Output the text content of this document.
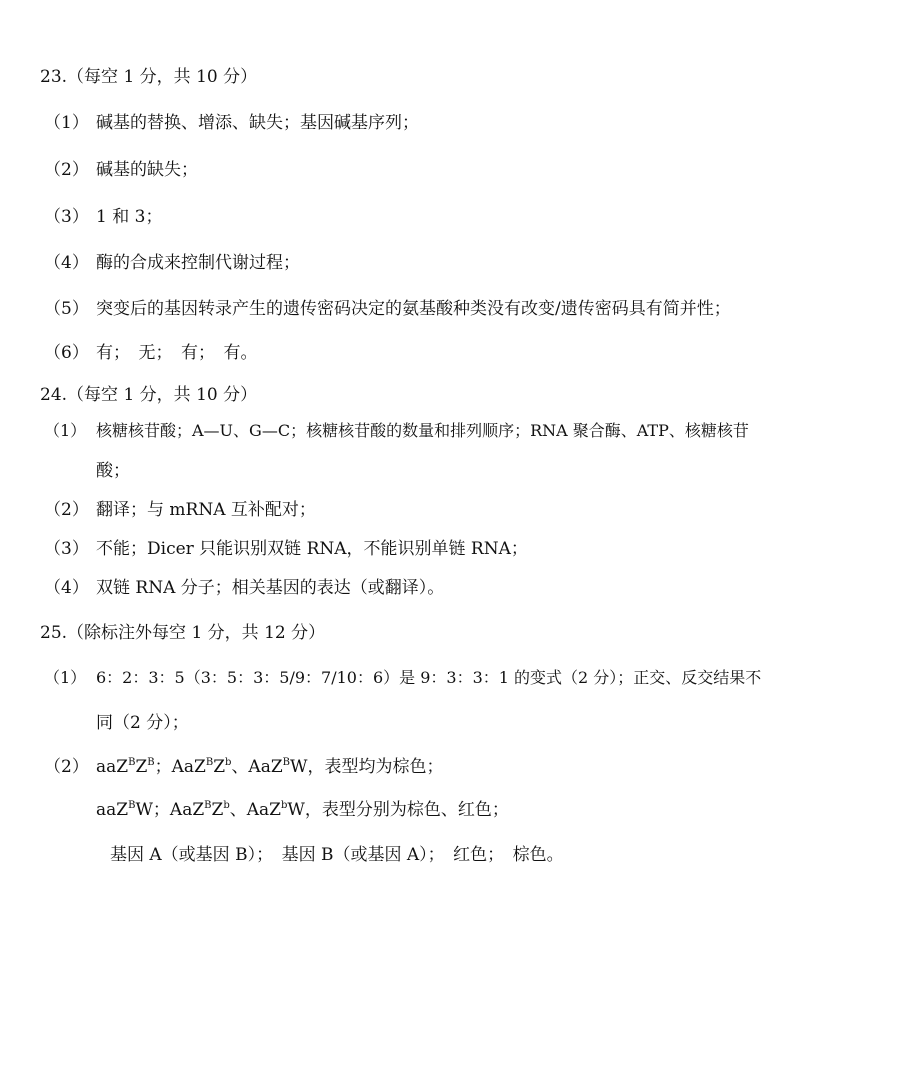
23.（每空 1 分，共 10 分）
（1） 碱基的替换、增添、缺失；基因碱基序列；
（2） 碱基的缺失；
（3） 1 和 3；
（4） 酶的合成来控制代谢过程；
（5） 突变后的基因转录产生的遗传密码决定的氨基酸种类没有改变/遗传密码具有简并性；
（6） 有；　无；　有；　有。
24.（每空 1 分，共 10 分）
（1） 核糖核苷酸；A—U、G—C；核糖核苷酸的数量和排列顺序；RNA 聚合酶、ATP、核糖核苷
酸；
（2） 翻译；与 mRNA 互补配对；
（3） 不能；Dicer 只能识别双链 RNA，不能识别单链 RNA；
（4） 双链 RNA 分子；相关基因的表达（或翻译）。
25.（除标注外每空 1 分，共 12 分）
（1） 6：2：3：5（3：5：3：5/9：7/10：6）是 9：3：3：1 的变式（2 分）；正交、反交结果不
同（2 分）；
（2） $aaZ^BZ^B$；$AaZ^BZ^b$、AaZ$^B$W，表型均为棕色；
aaZ$^B$W；$AaZ^BZ^b$、AaZ$^b$W，表型分别为棕色、红色；
基因 A（或基因 B）；　基因 B（或基因 A）；　红色；　棕色。
